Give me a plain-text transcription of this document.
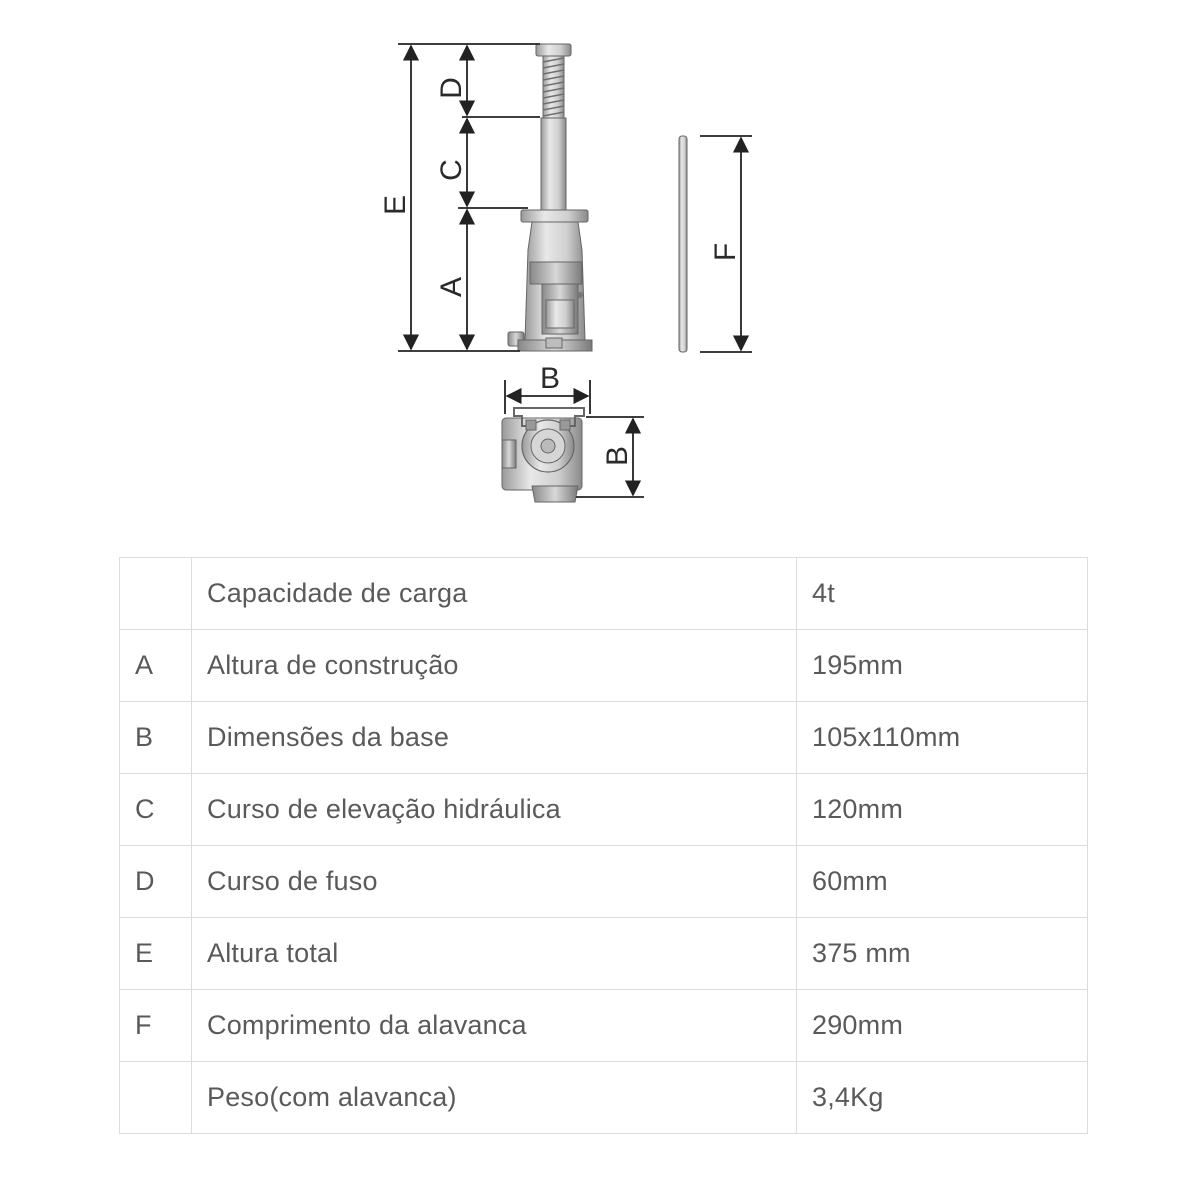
E
D
C
A
F
B
B
	Capacidade de carga	4t
A	Altura de construção	195mm
B	Dimensões da base	105x110mm
C	Curso de elevação hidráulica	120mm
D	Curso de fuso	60mm
E	Altura total	375 mm
F	Comprimento da alavanca	290mm
	Peso(com alavanca)	3,4Kg
